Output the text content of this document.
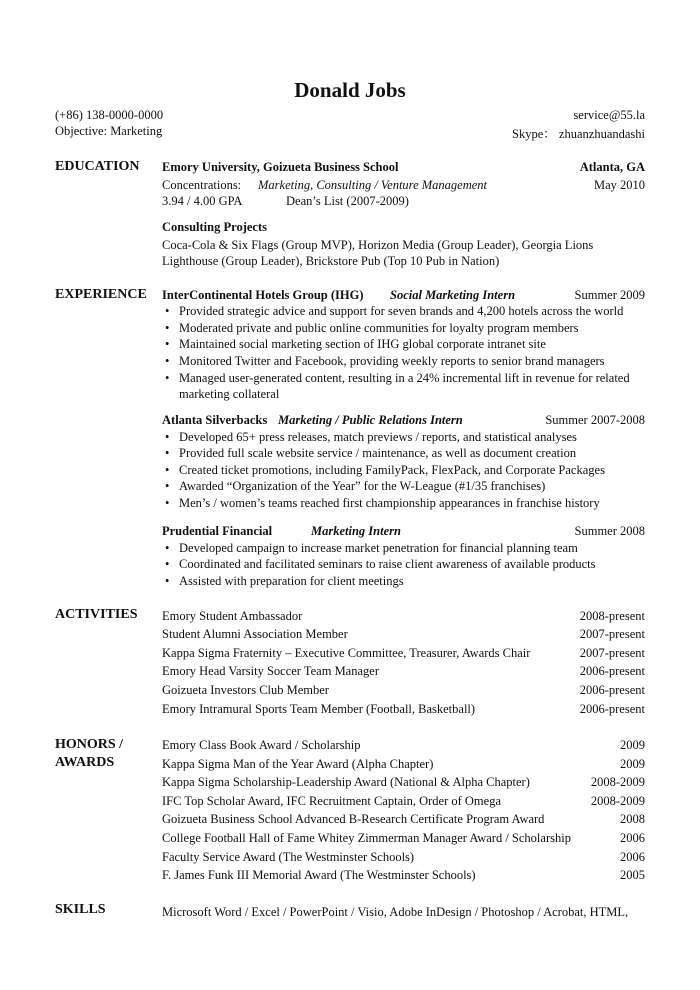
Donald Jobs
(+86) 138-0000-0000
Objective: Marketing
service@55.la
Skype： zhuanzhuandashi
EDUCATION Emory University, Goizueta Business School	Atlanta, GA
Concentrations: Marketing, Consulting / Venture Management	May 2010
3.94 / 4.00 GPA	Dean’s List (2007-2009)
Consulting Projects
Coca-Cola & Six Flags (Group MVP), Horizon Media (Group Leader), Georgia Lions
Lighthouse (Group Leader), Brickstore Pub (Top 10 Pub in Nation)
EXPERIENCE InterContinental Hotels Group (IHG) Social Marketing Intern	Summer 2009
• Provided strategic advice and support for seven brands and 4,200 hotels across the world
• Moderated private and public online communities for loyalty program members
• Maintained social marketing section of IHG global corporate intranet site
• Monitored Twitter and Facebook, providing weekly reports to senior brand managers
• Managed user-generated content, resulting in a 24% incremental lift in revenue for related
marketing collateral
Atlanta Silverbacks Marketing / Public Relations Intern	Summer 2007-2008
• Developed 65+ press releases, match previews / reports, and statistical analyses
• Provided full scale website service / maintenance, as well as document creation
• Created ticket promotions, including FamilyPack, FlexPack, and Corporate Packages
• Awarded “Organization of the Year” for the W-League (#1/35 franchises)
• Men’s / women’s teams reached first championship appearances in franchise history
Prudential Financial	Marketing Intern	Summer 2008
• Developed campaign to increase market penetration for financial planning team
• Coordinated and facilitated seminars to raise client awareness of available products
• Assisted with preparation for client meetings
ACTIVITIES Emory Student Ambassador	2008-present
Student Alumni Association Member	2007-present
Kappa Sigma Fraternity – Executive Committee, Treasurer, Awards Chair	2007-present
Emory Head Varsity Soccer Team Manager	2006-present
Goizueta Investors Club Member	2006-present
Emory Intramural Sports Team Member (Football, Basketball)	2006-present
HONORS /
AWARDS
Emory Class Book Award / Scholarship	2009
Kappa Sigma Man of the Year Award (Alpha Chapter)	2009
Kappa Sigma Scholarship-Leadership Award (National & Alpha Chapter)	2008-2009
IFC Top Scholar Award, IFC Recruitment Captain, Order of Omega	2008-2009
Goizueta Business School Advanced B-Research Certificate Program Award	2008
College Football Hall of Fame Whitey Zimmerman Manager Award / Scholarship	2006
Faculty Service Award (The Westminster Schools)	2006
F. James Funk III Memorial Award (The Westminster Schools)	2005
SKILLS	Microsoft Word / Excel / PowerPoint / Visio, Adobe InDesign / Photoshop / Acrobat, HTML,
